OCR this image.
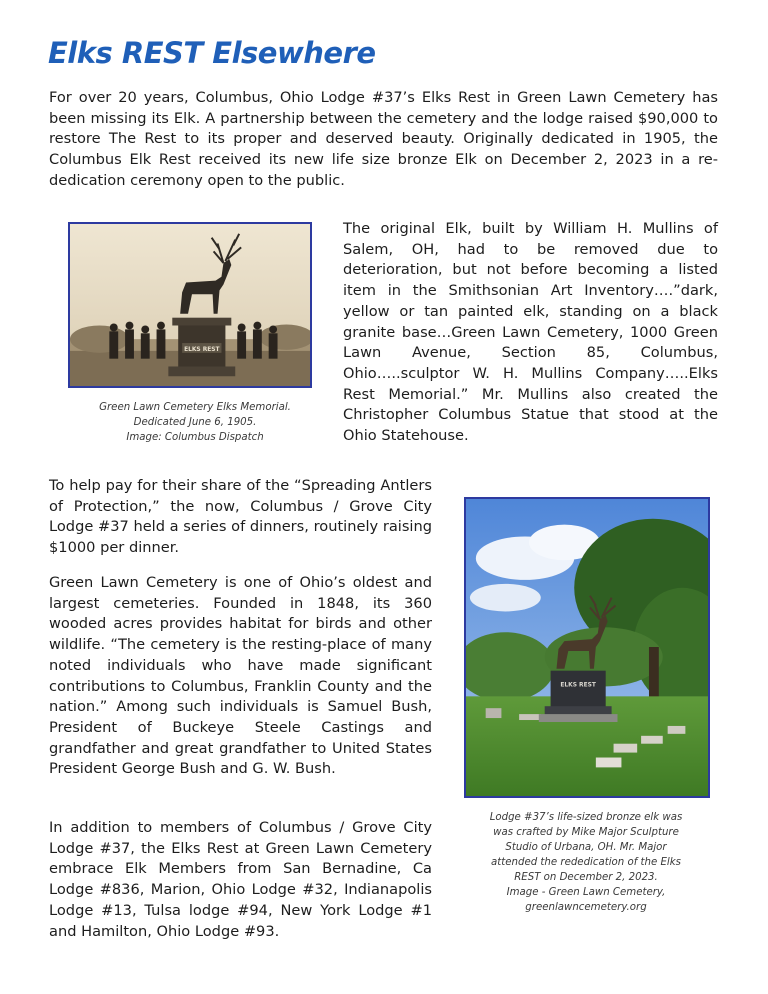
Elks REST Elsewhere

For over 20 years, Columbus, Ohio Lodge #37’s Elks Rest in Green Lawn Cemetery has been missing its Elk. A partnership between the cemetery and the lodge raised $90,000 to restore The Rest to its proper and deserved beauty. Originally dedicated in 1905, the Columbus Elk Rest received its new life size bronze Elk on December 2, 2023 in a re-dedication ceremony open to the public.

ELKS REST

Green Lawn Cemetery Elks Memorial.
Dedicated June 6, 1905.
Image: Columbus Dispatch

The original Elk, built by William H. Mullins of Salem, OH, had to be removed due to deterioration, but not before becoming a listed item in the Smithsonian Art Inventory….”dark, yellow or tan painted elk, standing on a black granite base…Green Lawn Cemetery, 1000 Green Lawn Avenue, Section 85, Columbus, Ohio…..sculptor W. H. Mullins Company…..Elks Rest Memorial.” Mr. Mullins also created the Christopher Columbus Statue that stood at the Ohio Statehouse.

To help pay for their share of the “Spreading Antlers of Protection,” the now, Columbus / Grove City Lodge #37 held a series of dinners, routinely raising $1000 per dinner.

Green Lawn Cemetery is one of Ohio’s oldest and largest cemeteries. Founded in 1848, its 360 wooded acres provides habitat for birds and other wildlife. “The cemetery is the resting-place of many noted individuals who have made significant contributions to Columbus, Franklin County and the nation.” Among such individuals is Samuel Bush, President of Buckeye Steele Castings and grandfather and great grandfather to United States President George Bush and G. W. Bush.

In addition to members of Columbus / Grove City Lodge #37, the Elks Rest at Green Lawn Cemetery embrace Elk Members from San Bernadine, Ca Lodge #836, Marion, Ohio Lodge #32, Indianapolis Lodge #13, Tulsa lodge #94, New York Lodge #1 and Hamilton, Ohio Lodge #93.

ELKS REST

Lodge #37’s life-sized bronze elk was
was crafted by Mike Major Sculpture
Studio of Urbana, OH. Mr. Major
attended the rededication of the Elks
REST on December 2, 2023.
Image - Green Lawn Cemetery,
greenlawncemetery.org
